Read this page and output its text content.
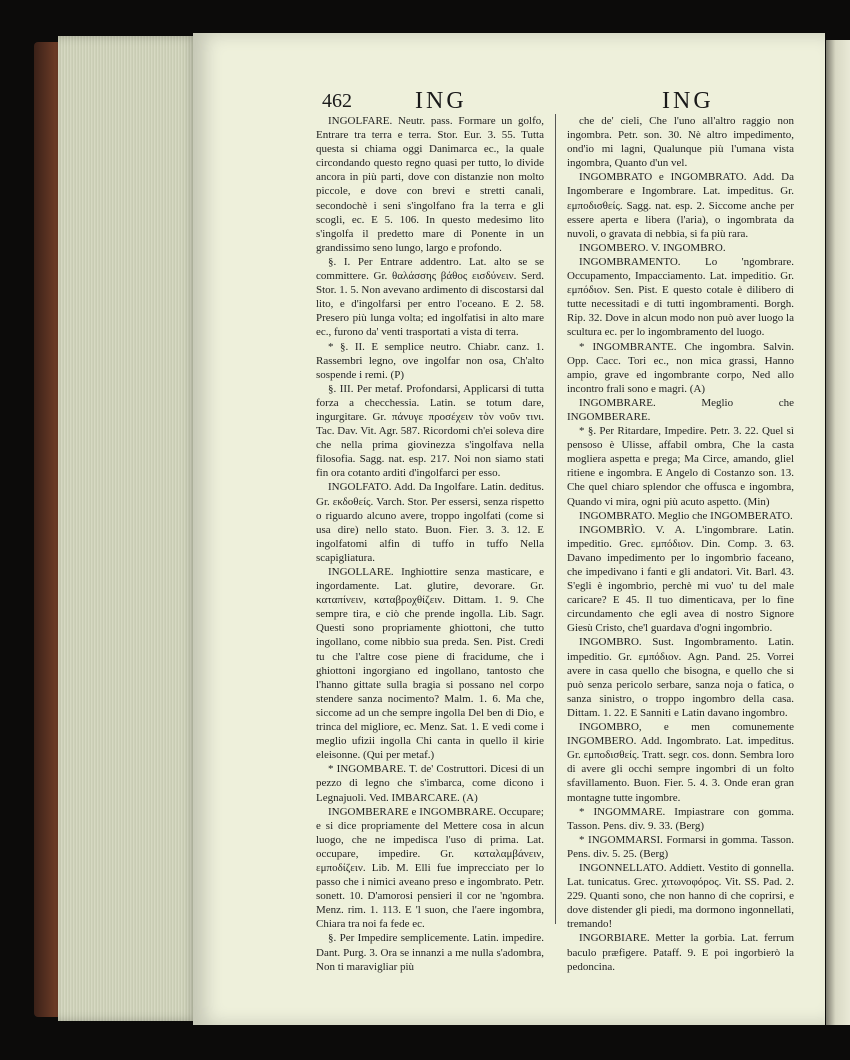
462	ING	ING

INGOLFARE. Neutr. pass. Formare un golfo, Entrare tra terra e terra. Stor. Eur. 3. 55. Tutta questa si chiama oggi Danimarca ec., la quale circondando questo regno quasi per tutto, lo divide ancora in più parti, dove con distanzie non molto piccole, e dove con brevi e stretti canali, secondochè i seni s'ingolfano fra la terra e gli scogli, ec. E 5. 106. In questo medesimo lito s'ingolfa il predetto mare di Ponente in un grandissimo seno lungo, largo e profondo.

§. I. Per Entrare addentro. Lat. alto se se committere. Gr. θαλάσσης βάθος εισδύνειν. Serd. Stor. 1. 5. Non avevano ardimento di discostarsi dal lito, e d'ingolfarsi per entro l'oceano. E 2. 58. Presero più lunga volta; ed ingolfatisi in alto mare ec., furono da' venti trasportati a vista di terra.

* §. II. E semplice neutro. Chiabr. canz. 1. Rassembri legno, ove ingolfar non osa, Ch'alto sospende i remi. (P)

§. III. Per metaf. Profondarsi, Applicarsi di tutta forza a checchessia. Latin. se totum dare, ingurgitare. Gr. πάνυγε προσέχειν τὸν νοῦν τινι. Tac. Dav. Vit. Agr. 587. Ricordomi ch'ei soleva dire che nella prima giovinezza s'ingolfava nella filosofia. Sagg. nat. esp. 217. Noi non siamo stati fin ora cotanto arditi d'ingolfarci per esso.

INGOLFATO. Add. Da Ingolfare. Latin. deditus. Gr. εκδοθείς. Varch. Stor. Per essersi, senza rispetto o riguardo alcuno avere, troppo ingolfati (come si usa dire) nello stato. Buon. Fier. 3. 3. 12. E ingolfatomi alfin di tuffo in tuffo Nella scapigliatura.

INGOLLARE. Inghiottire senza masticare, e ingordamente. Lat. glutire, devorare. Gr. καταπίνειν, καταβροχθίζειν. Dittam. 1. 9. Che sempre tira, e ciò che prende ingolla. Lib. Sagr. Questi sono propriamente ghiottoni, che tutto ingollano, come nibbio sua preda. Sen. Pist. Credi tu che l'altre cose piene di fracidume, che i ghiottoni ingorgiano ed ingollano, tantosto che l'hanno gittate sulla bragia si possano nel corpo stendere sanza nocimento? Malm. 1. 6. Ma che, siccome ad un che sempre ingolla Del ben di Dio, e trinca del migliore, ec. Menz. Sat. 1. E vedi come i meglio ufizii ingolla Chi canta in quello il kirie eleisonne. (Qui per metaf.)

* INGOMBARE. T. de' Costruttori. Dicesi di un pezzo di legno che s'imbarca, come dicono i Legnajuoli. Ved. IMBARCARE. (A)

INGOMBERARE e INGOMBRARE. Occupare; e si dice propriamente del Mettere cosa in alcun luogo, che ne impedisca l'uso di prima. Lat. occupare, impedire. Gr. καταλαμβάνειν, εμποδίζειν. Lib. M. Elli fue imprecciato per lo passo che i nimici aveano preso e ingombrato. Petr. sonett. 10. D'amorosi pensieri il cor ne 'ngombra. Menz. rim. 1. 113. E 'l suon, che l'aere ingombra, Chiara tra noi fa fede ec.

§. Per Impedire semplicemente. Latin. impedire. Dant. Purg. 3. Ora se innanzi a me nulla s'adombra, Non ti maravigliar più

che de' cieli, Che l'uno all'altro raggio non ingombra. Petr. son. 30. Nè altro impedimento, ond'io mi lagni, Qualunque più l'umana vista ingombra, Quanto d'un vel.

INGOMBRATO e INGOMBRATO. Add. Da Ingomberare e Ingombrare. Lat. impeditus. Gr. εμποδισθείς. Sagg. nat. esp. 2. Siccome anche per essere aperta e libera (l'aria), o ingombrata da nuvoli, o gravata di nebbia, si fa più rara.

INGOMBERO. V. INGOMBRO.

INGOMBRAMENTO. Lo 'ngombrare. Occupamento, Impacciamento. Lat. impeditio. Gr. εμπόδιον. Sen. Pist. E questo cotale è diliberо di tutte necessitadi e di tutti ingombramenti. Borgh. Rip. 32. Dove in alcun modo non può aver luogo la scultura ec. per lo ingombramento del luogo.

* INGOMBRANTE. Che ingombra. Salvin. Opp. Cacc. Tori ec., non mica grassi, Hanno ampio, grave ed ingombrante corpo, Ned allo incontro frali sono e magri. (A)

INGOMBRARE. Meglio che INGOMBERARE.

* §. Per Ritardare, Impedire. Petr. 3. 22. Quel sì pensoso è Ulisse, affabil ombra, Che la casta mogliera aspetta e prega; Ma Circe, amando, gliel ritiene e ingombra. E Angelo di Costanzo son. 13. Che quel chiaro splendor che offusca e ingombra, Quando vi mira, ogni più acuto aspetto. (Min)

INGOMBRATO. Meglio che INGOMBERATO.

INGOMBRÌO. V. A. L'ingombrare. Latin. impeditio. Grec. εμπόδιον. Din. Comp. 3. 63. Davano impedimento per lo ingombrìo faceano, che impedivano i fanti e gli andatori. Vit. Barl. 43. S'egli è ingombrìo, perchè mi vuo' tu del male caricare? E 45. Il tuo dimenticava, per lo fine circundamento che egli avea di nostro Signore Giesù Cristo, che'l guardava d'ogni ingombrìo.

INGOMBRO. Sust. Ingombramento. Latin. impeditio. Gr. εμπόδιον. Agn. Pand. 25. Vorrei avere in casa quello che bisogna, e quello che si può senza pericolo serbare, sanza noja o fatica, o sanza sinistro, o troppo ingombro della casa. Dittam. 1. 22. E Sanniti e Latin davano ingombro.

INGOMBRO, e men comunemente INGOMBERO. Add. Ingombrato. Lat. impeditus. Gr. εμποδισθείς. Tratt. segr. cos. donn. Sembra loro di avere gli occhi sempre ingombri di un folto sfavillamento. Buon. Fier. 5. 4. 3. Onde eran gran montagne tutte ingombre.

* INGOMMARE. Impiastrare con gomma. Tasson. Pens. div. 9. 33. (Berg)

* INGOMMARSI. Formarsi in gomma. Tasson. Pens. div. 5. 25. (Berg)

INGONNELLATO. Addiett. Vestito di gonnella. Lat. tunicatus. Grec. χιτωνοφόρος. Vit. SS. Pad. 2. 229. Quanti sono, che non hanno di che coprirsi, e dove distender gli piedi, ma dormono ingonnellati, tremando!

INGORBIARE. Metter la gorbia. Lat. ferrum baculo præfigere. Pataff. 9. E poi ingorbierò la pedoncina.
